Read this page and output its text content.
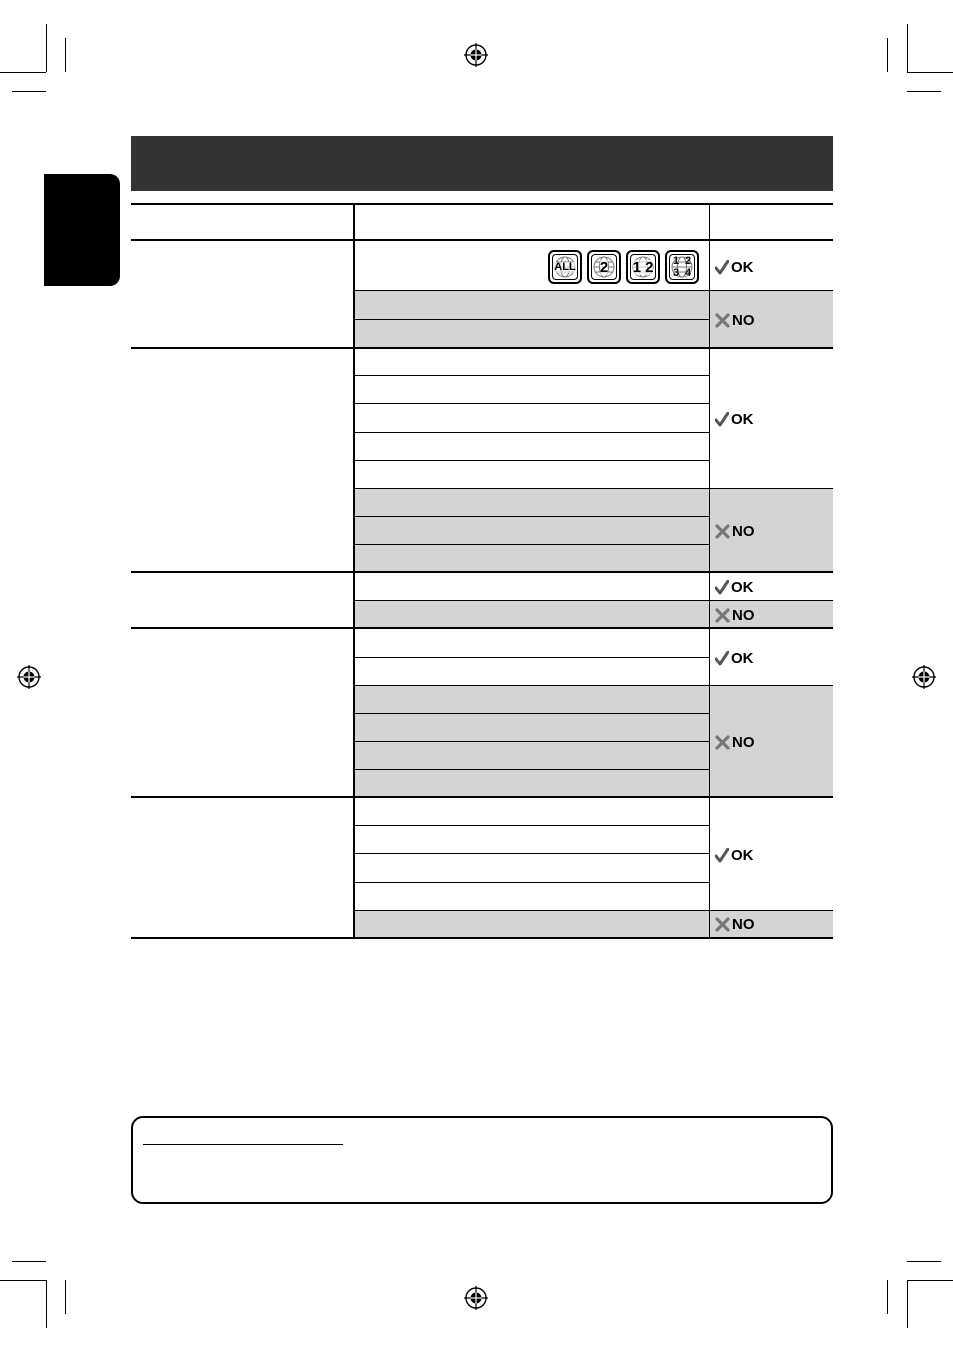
ALL 2 1 2 1 2
3 4	OK
NO
OK
NO
OK
NO
OK
NO
OK
NO
